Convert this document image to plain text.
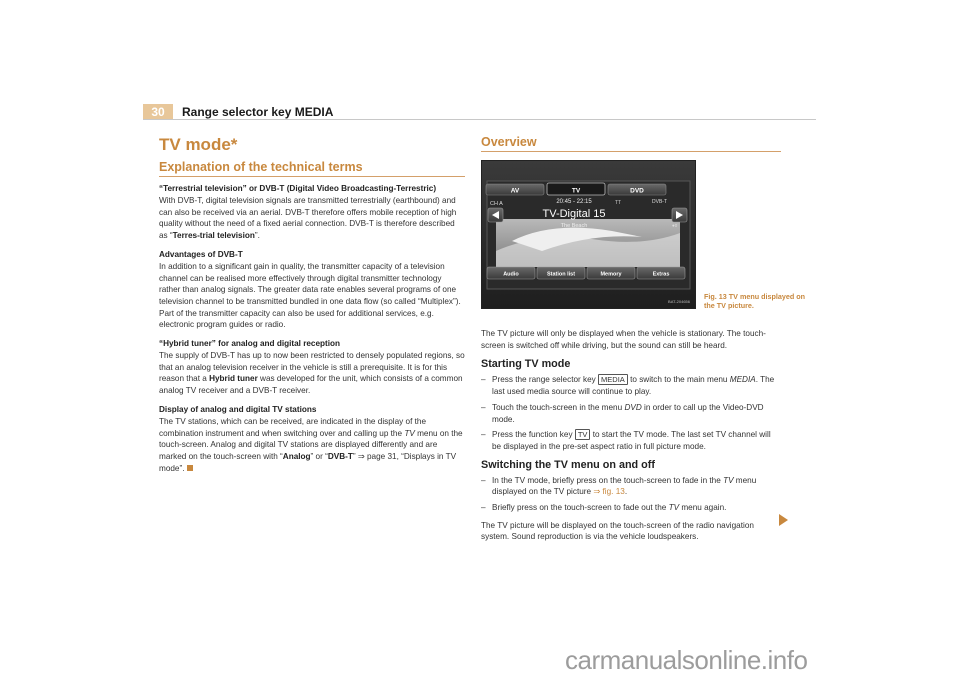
30	Range selector key MEDIA
TV mode*
Explanation of the technical terms

“Terrestrial television” or DVB-T (Digital Video Broadcasting-Terrestric)

With DVB-T, digital television signals are transmitted terrestrially (earthbound) and can also be received via an aerial. DVB-T therefore offers mobile reception of high quality without the need of a fixed aerial connection. DVB-T is therefore described as “Terres-trial television”.

Advantages of DVB-T

In addition to a significant gain in quality, the transmitter capacity of a television channel can be realised more effectively through digital transmitter technology rather than analog signals. The greater data rate enables several programs of one television channel to be transmitted bundled in one data flow (so called “Multiplex”). Part of the transmitter capacity can also be used for additional services, e.g. electronic program guides or radio.

“Hybrid tuner” for analog and digital reception

The supply of DVB-T has up to now been restricted to densely populated regions, so that an analog television receiver in the vehicle is still a prerequisite. It is for this reason that a Hybrid tuner was developed for the unit, which consists of a common analog TV receiver and a DVB-T receiver.

Display of analog and digital TV stations

The TV stations, which can be received, are indicated in the display of the combination instrument and when switching over and calling up the TV menu on the touch-screen. Analog and digital TV stations are displayed differently and are marked on the touch-screen with “Analog” or “DVB-T” ⇒ page 31, “Displays in TV mode”.

Overview
AV	TV	DVD
CH A	20:45 - 22:15	TT	DVB-T
TV-Digital 15
The Beach	●0
Audio	Station list	Memory	Extras
BAT-204656
Fig. 13 TV menu displayed on the TV picture.

The TV picture will only be displayed when the vehicle is stationary. The touch-screen is switched off while driving, but the sound can still be heard.

Starting TV mode
– Press the range selector key MEDIA to switch to the main menu MEDIA. The last used media source will continue to play.
– Touch the touch-screen in the menu DVD in order to call up the Video-DVD mode.
– Press the function key TV to start the TV mode. The last set TV channel will be displayed in the pre-set aspect ratio in full picture mode.
Switching the TV menu on and off
– In the TV mode, briefly press on the touch-screen to fade in the TV menu displayed on the TV picture ⇒ fig. 13.
– Briefly press on the touch-screen to fade out the TV menu again.

The TV picture will be displayed on the touch-screen of the radio navigation system. Sound reproduction is via the vehicle loudspeakers.

carmanualsonline.info
